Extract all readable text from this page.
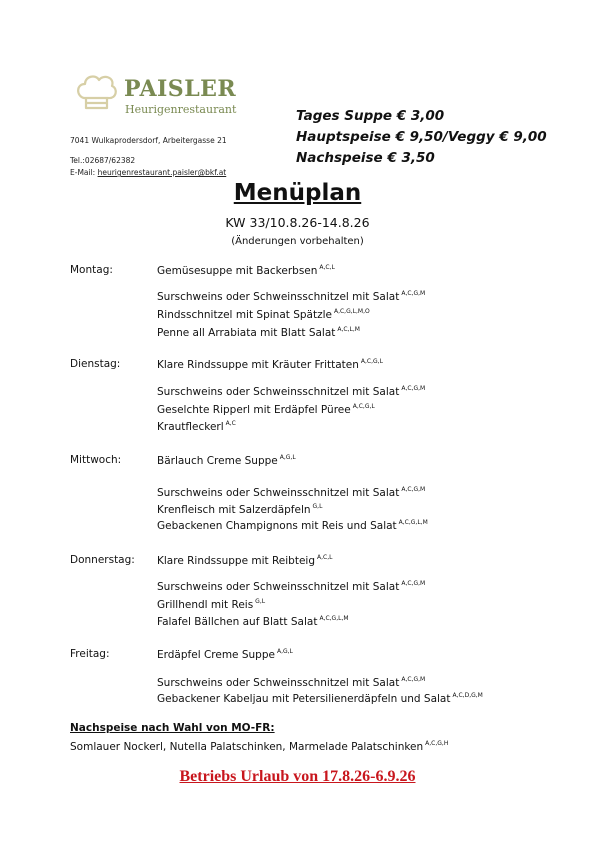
PAISLER
Heurigenrestaurant
7041 Wulkaprodersdorf, Arbeitergasse 21
Tel.:02687/62382
E-Mail: heurigenrestaurant.paisler@bkf.at
Tages Suppe € 3,00
Hauptspeise € 9,50/Veggy € 9,00
Nachspeise € 3,50
Menüplan
KW 33/10.8.26-14.8.26
(Änderungen vorbehalten)
Montag:	Gemüsesuppe mit Backerbsen $^{A,C,L}$
Surschweins oder Schweinsschnitzel mit Salat $^{A,C,G,M}$
Rindsschnitzel mit Spinat Spätzle $^{A,C,G,L,M,O}$
Penne all Arrabiata mit Blatt Salat $^{A,C,L,M}$
Dienstag:	Klare Rindssuppe mit Kräuter Frittaten $^{A,C,G,L}$
Surschweins oder Schweinsschnitzel mit Salat $^{A,C,G,M}$
Geselchte Ripperl mit Erdäpfel Püree $^{A,C,G,L}$
Krautfleckerl $^{A,C}$
Mittwoch:	Bärlauch Creme Suppe $^{A,G,L}$
Surschweins oder Schweinsschnitzel mit Salat $^{A,C,G,M}$
Krenfleisch mit Salzerdäpfeln $^{G,L}$
Gebackenen Champignons mit Reis und Salat $^{A,C,G,L,M}$
Donnerstag: Klare Rindssuppe mit Reibteig $^{A,C,L}$
Surschweins oder Schweinsschnitzel mit Salat $^{A,C,G,M}$
Grillhendl mit Reis $^{G,L}$
Falafel Bällchen auf Blatt Salat $^{A,C,G,L,M}$
Freitag:	Erdäpfel Creme Suppe $^{A,G,L}$
Surschweins oder Schweinsschnitzel mit Salat $^{A,C,G,M}$
Gebackener Kabeljau mit Petersilienerdäpfeln und Salat $^{A,C,D,G,M}$
Nachspeise nach Wahl von MO-FR:
Somlauer Nockerl, Nutella Palatschinken, Marmelade Palatschinken $^{A,C,G,H}$
Betriebs Urlaub von 17.8.26-6.9.26
